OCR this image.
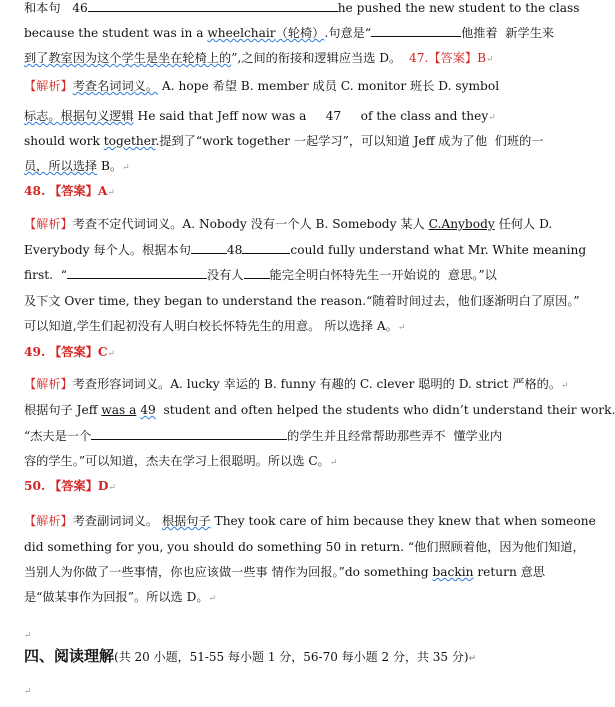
和本句 46	he pushed the new student to the class
because the student was in a wheelchair（轮椅）.句意是“	他推着 新学生来
到了教室因为这个学生是坐在轮椅上的”,之间的衔接和逻辑应当选 D。 47.【答案】B↵
【解析】考查名词词义。 A. hope 希望 B. member 成员 C. monitor 班长 D. symbol
标志。根据句义逻辑 He said that Jeff now was a 47 of the class and they↵
should work together.提到了“work together 一起学习”，可以知道 Jeff 成为了他 们班的一
员，所以选择 B。↵
48. 【答案】A↵
【解析】考查不定代词词义。A. Nobody 没有一个人 B. Somebody 某人 C.Anybody 任何人 D.
Everybody 每个人。根据本句	48	could fully understand what Mr. White meaning
first. “	没有人 能完全明白怀特先生一开始说的 意思。”以
及下文 Over time, they began to understand the reason.“随着时间过去，他们逐渐明白了原因。”
可以知道,学生们起初没有人明白校长怀特先生的用意。 所以选择 A。↵
49. 【答案】C↵
【解析】考查形容词词义。A. lucky 幸运的 B. funny 有趣的 C. clever 聪明的 D. strict 严格的。↵
根据句子 Jeff was a 49 student and often helped the students who didn’t understand their work.
“杰夫是一个	的学生并且经常帮助那些弄不 懂学业内
容的学生。”可以知道，杰夫在学习上很聪明。所以选 C。↵
50. 【答案】D↵
【解析】考查副词词义。 根据句子 They took care of him because they knew that when someone
did something for you, you should do something 50 in return. “他们照顾着他，因为他们知道，
当别人为你做了一些事情，你也应该做一些事 情作为回报。”do something backin return 意思
是“做某事作为回报”。所以选 D。↵
↵
四、阅读理解(共 20 小题，51-55 每小题 1 分，56-70 每小题 2 分，共 35 分)↵
↵
